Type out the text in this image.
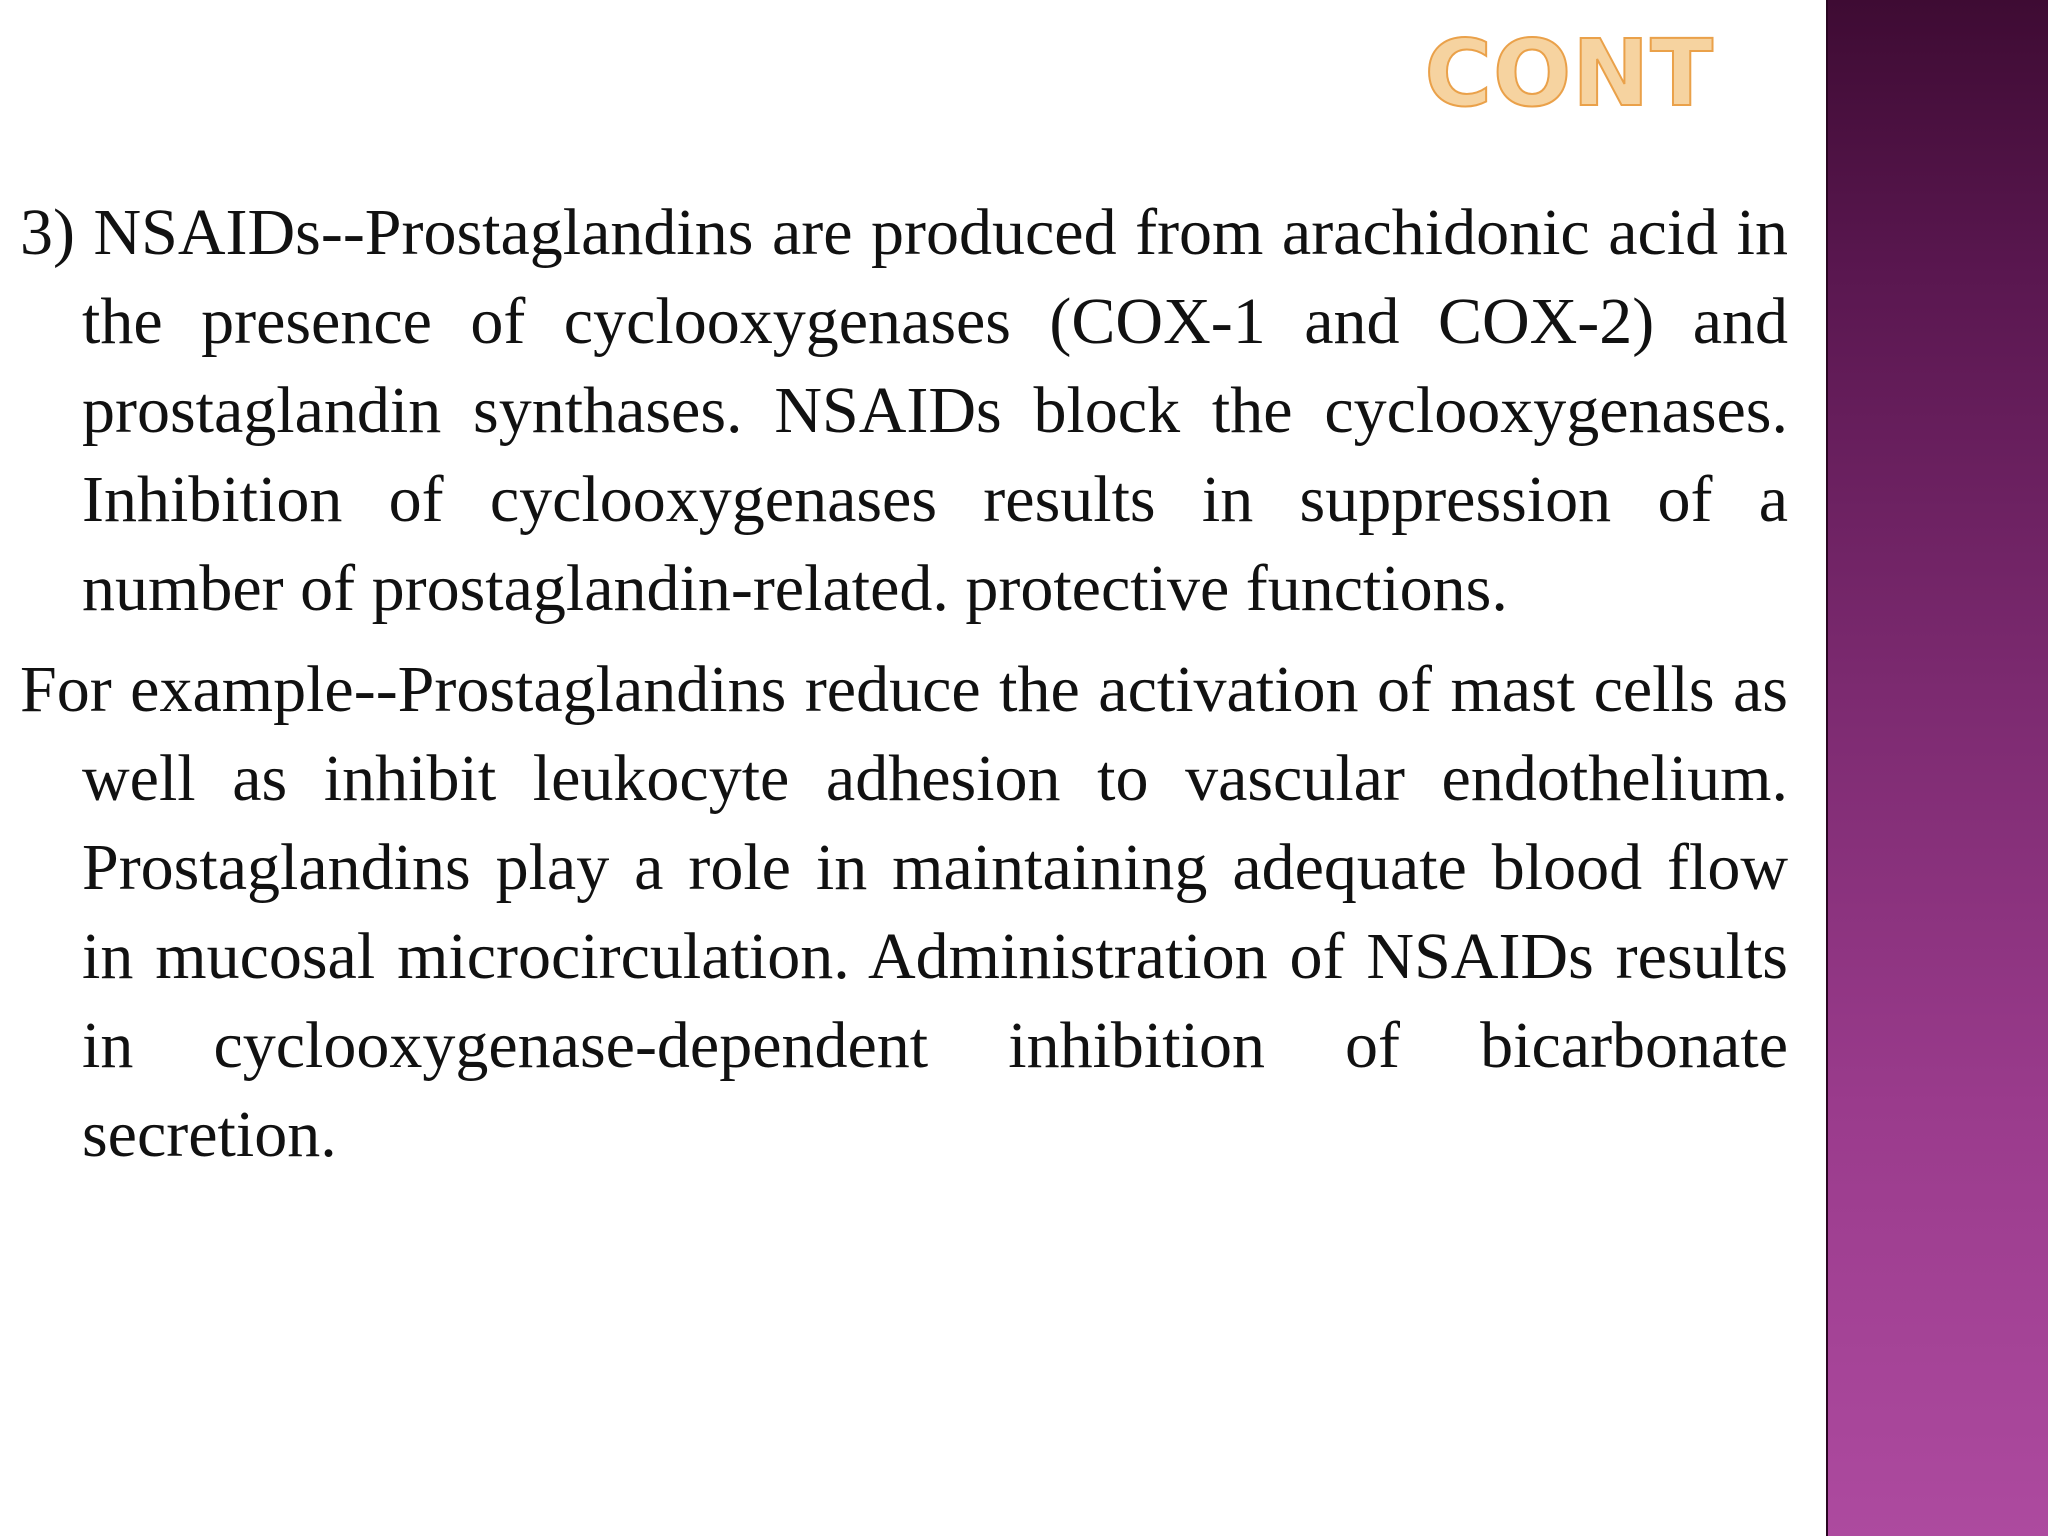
CONT

3) NSAIDs--Prostaglandins are produced from arachidonic acid in the presence of cyclooxygenases (COX-1 and COX-2) and prostaglandin synthases. NSAIDs block the cyclooxygenases. Inhibition of cyclooxygenases results in suppression of a number of prostaglandin-related. protective functions.

For example--Prostaglandins reduce the activation of mast cells as well as inhibit leukocyte adhesion to vascular endothelium. Prostaglandins play a role in maintaining adequate blood flow in mucosal microcirculation. Administration of NSAIDs results in cyclooxygenase-dependent inhibition of bicarbonate secretion.
